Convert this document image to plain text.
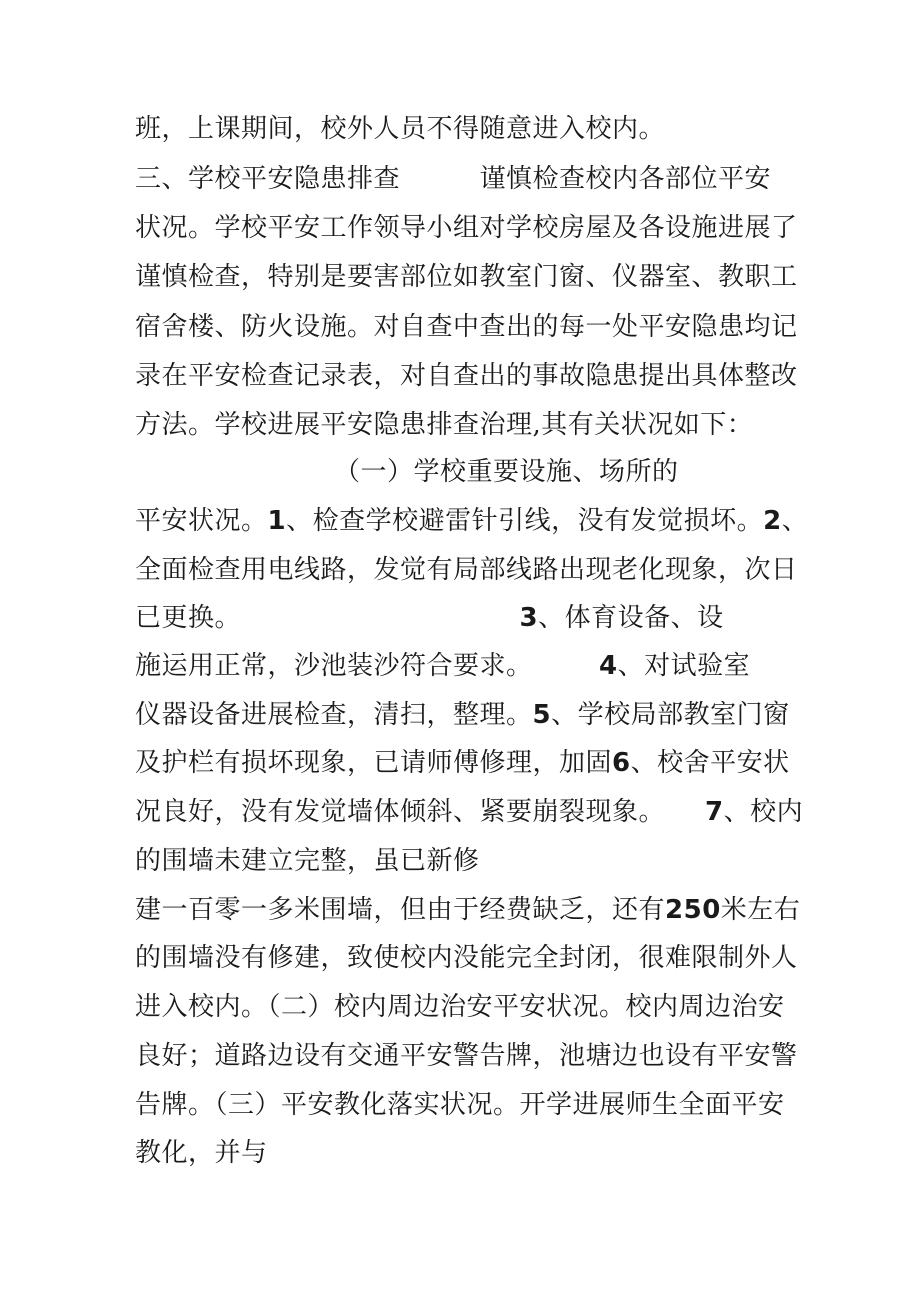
班，上课期间，校外人员不得随意进入校内。
三、学校平安隐患排查　　　谨慎检查校内各部位平安
状况。学校平安工作领导小组对学校房屋及各设施进展了
谨慎检查，特别是要害部位如教室门窗、仪器室、教职工
宿舍楼、防火设施。对自查中查出的每一处平安隐患均记
录在平安检查记录表，对自查出的事故隐患提出具体整改
方法。学校进展平安隐患排查治理,其有关状况如下：
　　　　　　　　（一）学校重要设施、场所的
平安状况。1、检查学校避雷针引线，没有发觉损坏。2、
全面检查用电线路，发觉有局部线路出现老化现象，次日
已更换。　　　　　　　　　　　3、体育设备、设
施运用正常，沙池装沙符合要求。　　　4、对试验室
仪器设备进展检查，清扫，整理。5、学校局部教室门窗
及护栏有损坏现象，已请师傅修理，加固6、校舍平安状
况良好，没有发觉墙体倾斜、紧要崩裂现象。　　7、校内
的围墙未建立完整，虽已新修
建一百零一多米围墙，但由于经费缺乏，还有250米左右
的围墙没有修建，致使校内没能完全封闭，很难限制外人
进入校内。（二）校内周边治安平安状况。校内周边治安
良好；道路边设有交通平安警告牌，池塘边也设有平安警
告牌。（三）平安教化落实状况。开学进展师生全面平安
教化，并与
